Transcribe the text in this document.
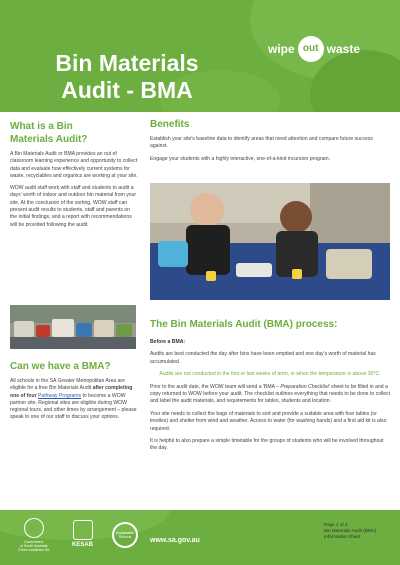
Bin Materials
Audit - BMA
wipe out waste
What is a Bin
Materials Audit?

A Bin Materials Audit or BMA provides an out of classroom learning experience and opportunity to collect data and evaluate how effectively current systems for waste, recyclables and organics are working at your site.

WOW audit staff work with staff and students to audit a days' worth of indoor and outdoor bin material from your site. At the conclusion of the sorting, WOW staff can present audit results to students, staff and parents on the initial findings, and a report with recommendations will be provided following the audit.

Can we have a BMA?

All schools in the SA Greater Metropolitan Area are eligible for a free Bin Materials Audit after completing one of four Pathway Programs to become a WOW partner site. Regional sites are eligible during WOW regional tours, and other times by arrangement – please speak to one of our staff to discuss your options.

Benefits

Establish your site's baseline data to identify areas that need attention and compare future success against.

Engage your students with a highly interactive, one-of-a-kind incursion program.

The Bin Materials Audit (BMA) process:

Before a BMA:

Audits are best conducted the day after bins have been emptied and one day's worth of material has accumulated.

Audits are not conducted in the first or last weeks of term, or when the temperature is above 30°C.

Prior to the audit date, the WOW team will send a 'BMA – Preparation Checklist' sheet to be filled in and a copy returned to WOW before your audit. The checklist outlines everything that needs to be done to collect and label the audit materials, and requirements for tables, students and location.

Your site needs to collect the bags of materials to sort and provide a suitable area with four tables (or trestles) and shelter from wind and weather. Access to water (for washing hands) and a first aid kit is also required.

It is helpful to also prepare a simple timetable for the groups of students who will be involved throughout the day.

Government
of South Australia
Green Industries SA
KESAB
Sustainable Schools	www.sa.gov.au
Page 1 of 2
Bin Materials Audit (BMA)
Information Sheet
